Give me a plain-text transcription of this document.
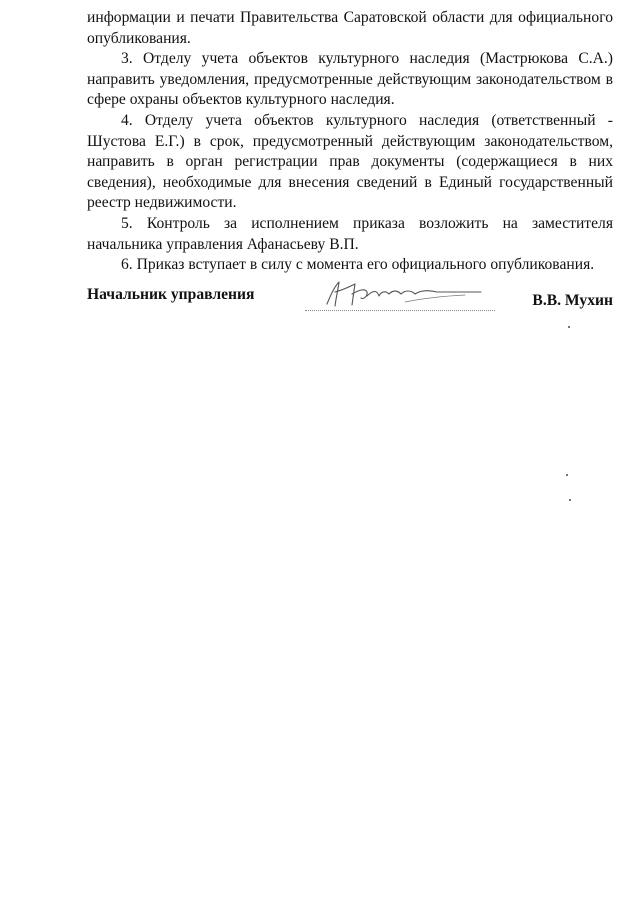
информации и печати Правительства Саратовской области для официального опубликования.

3. Отделу учета объектов культурного наследия (Мастрюкова С.А.) направить уведомления, предусмотренные действующим законодательством в сфере охраны объектов культурного наследия.

4. Отделу учета объектов культурного наследия (ответственный - Шустова Е.Г.) в срок, предусмотренный действующим законодательством, направить в орган регистрации прав документы (содержащиеся в них сведения), необходимые для внесения сведений в Единый государственный реестр недвижимости.

5. Контроль за исполнением приказа возложить на заместителя начальника управления Афанасьеву В.П.

6. Приказ вступает в силу с момента его официального опубликования.

Начальник управления	В.В. Мухин
